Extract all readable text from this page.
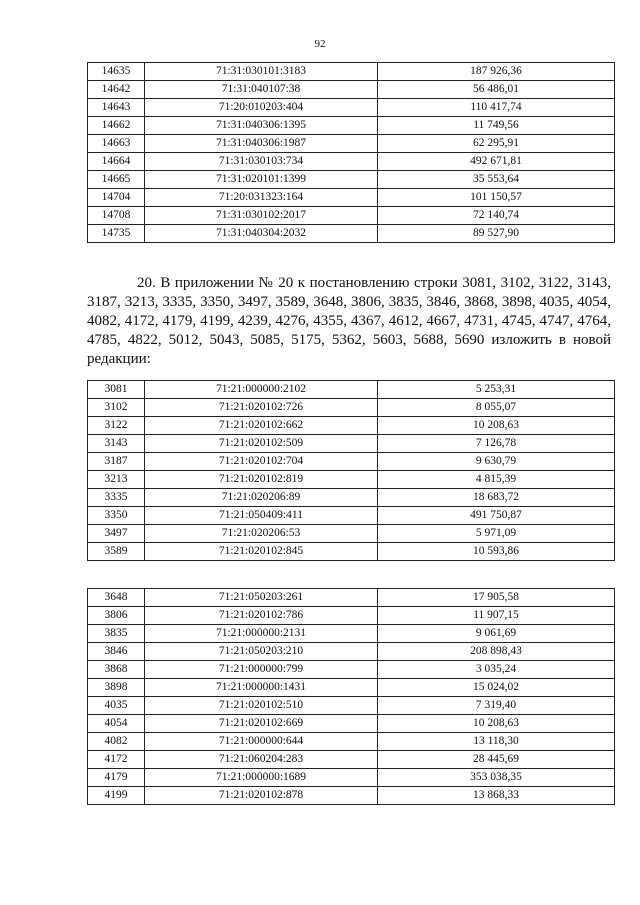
92
14635	71:31:030101:3183	187 926,36
14642	71:31:040107:38	56 486,01
14643	71:20:010203:404	110 417,74
14662	71:31:040306:1395	11 749,56
14663	71:31:040306:1987	62 295,91
14664	71:31:030103:734	492 671,81
14665	71:31:020101:1399	35 553,64
14704	71:20:031323:164	101 150,57
14708	71:31:030102:2017	72 140,74
14735	71:31:040304:2032	89 527,90
20. В приложении № 20 к постановлению строки 3081, 3102, 3122, 3143, 3187, 3213, 3335, 3350, 3497, 3589, 3648, 3806, 3835, 3846, 3868, 3898, 4035, 4054, 4082, 4172, 4179, 4199, 4239, 4276, 4355, 4367, 4612, 4667, 4731, 4745, 4747, 4764, 4785, 4822, 5012, 5043, 5085, 5175, 5362, 5603, 5688, 5690 изложить в новой редакции:
3081	71:21:000000:2102	5 253,31
3102	71:21:020102:726	8 055,07
3122	71:21:020102:662	10 208,63
3143	71:21:020102:509	7 126,78
3187	71:21:020102:704	9 630,79
3213	71:21:020102:819	4 815,39
3335	71:21:020206:89	18 683,72
3350	71:21:050409:411	491 750,87
3497	71:21:020206:53	5 971,09
3589	71:21:020102:845	10 593,86
3648	71:21:050203:261	17 905,58
3806	71:21:020102:786	11 907,15
3835	71:21:000000:2131	9 061,69
3846	71:21:050203:210	208 898,43
3868	71:21:000000:799	3 035,24
3898	71:21:000000:1431	15 024,02
4035	71:21:020102:510	7 319,40
4054	71:21:020102:669	10 208,63
4082	71:21:000000:644	13 118,30
4172	71:21:060204:283	28 445,69
4179	71:21:000000:1689	353 038,35
4199	71:21:020102:878	13 868,33
